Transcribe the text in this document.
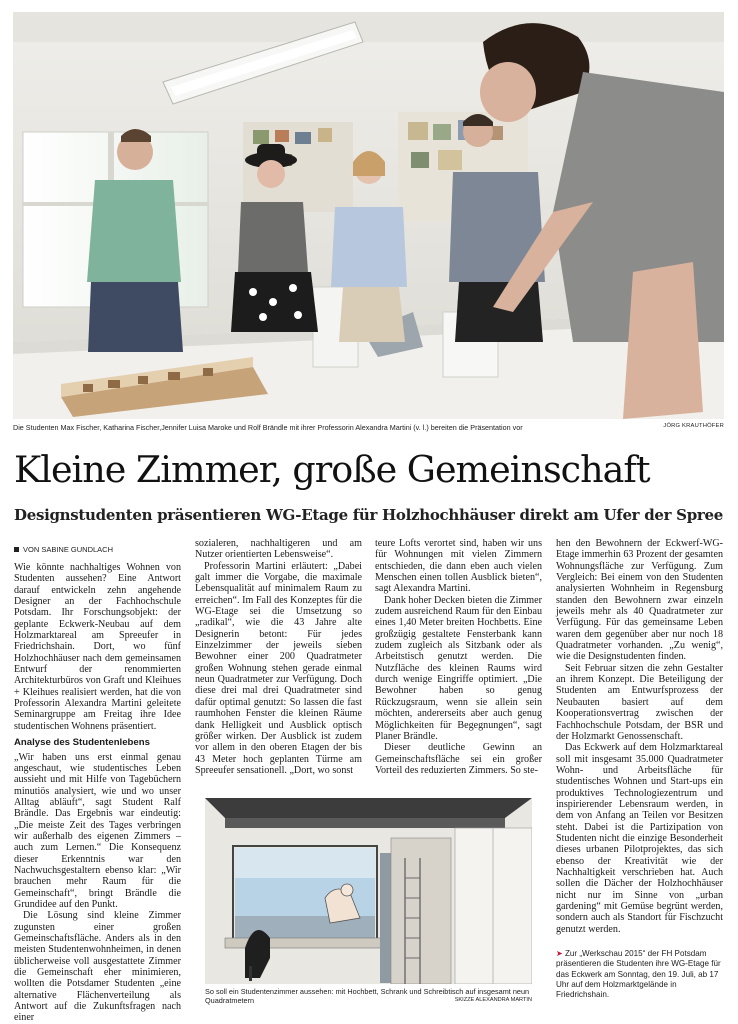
Die Studenten Max Fischer, Katharina Fischer,Jennifer Luisa Maroke und Rolf Brändle mit ihrer Professorin Alexandra Martini (v. l.) bereiten die Präsentation vor	JÖRG KRAUTHÖFER
Kleine Zimmer, große Gemeinschaft
Designstudenten präsentieren WG-Etage für Holzhochhäuser direkt am Ufer der Spree
VON SABINE GUNDLACH

Wie könnte nachhaltiges Wohnen von Studenten aussehen? Eine Antwort darauf entwickeln zehn angehende Designer an der Fachhochschule Potsdam. Ihr Forschungsobjekt: der geplante Eckwerk-Neubau auf dem Holzmarktareal am Spreeufer in Friedrichshain. Dort, wo fünf Holzhochhäuser nach dem gemeinsamen Entwurf der renommierten Architekturbüros von Graft und Kleihues + Kleihues realisiert werden, hat die von Professorin Alexandra Martini geleitete Seminargruppe am Freitag ihre Idee studentischen Wohnens präsentiert.

Analyse des Studentenlebens

„Wir haben uns erst einmal genau angeschaut, wie studentisches Leben aussieht und mit Hilfe von Tagebüchern minutiös analysiert, wie und wo unser Alltag abläuft“, sagt Student Ralf Brändle. Das Ergebnis war eindeutig: „Die meiste Zeit des Tages verbringen wir außerhalb des eigenen Zimmers – auch zum Lernen.“ Die Konsequenz dieser Erkenntnis war den Nachwuchsgestaltern ebenso klar: „Wir brauchen mehr Raum für die Gemeinschaft“, bringt Brändle die Grundidee auf den Punkt.

Die Lösung sind kleine Zimmer zugunsten einer großen Gemeinschaftsfläche. Anders als in den meisten Studentenwohnheimen, in denen üblicherweise voll ausgestattete Zimmer die Gemeinschaft eher minimieren, wollten die Potsdamer Studenten „eine alternative Flächenverteilung als Antwort auf die Zukunftsfragen nach einer

sozialeren, nachhaltigeren und am Nutzer orientierten Lebensweise“.

Professorin Martini erläutert: „Dabei galt immer die Vorgabe, die maximale Lebensqualität auf minimalem Raum zu erreichen“. Im Fall des Konzeptes für die WG-Etage sei die Umsetzung so „radikal“, wie die 43 Jahre alte Designerin betont: Für jedes Einzelzimmer der jeweils sieben Bewohner einer 200 Quadratmeter großen Wohnung stehen gerade einmal neun Quadratmeter zur Verfügung. Doch diese drei mal drei Quadratmeter sind dafür optimal genutzt: So lassen die fast raumhohen Fenster die kleinen Räume dank Helligkeit und Ausblick optisch größer wirken. Der Ausblick ist zudem vor allem in den oberen Etagen der bis 43 Meter hoch geplanten Türme am Spreeufer sensationell. „Dort, wo sonst

teure Lofts verortet sind, haben wir uns für Wohnungen mit vielen Zimmern entschieden, die dann eben auch vielen Menschen einen tollen Ausblick bieten“, sagt Alexandra Martini.

Dank hoher Decken bieten die Zimmer zudem ausreichend Raum für den Einbau eines 1,40 Meter breiten Hochbetts. Eine großzügig gestaltete Fensterbank kann zudem zugleich als Sitzbank oder als Arbeitstisch genutzt werden. Die Nutzfläche des kleinen Raums wird durch wenige Eingriffe optimiert. „Die Bewohner haben so genug Rückzugsraum, wenn sie allein sein möchten, andererseits aber auch genug Möglichkeiten für Begegnungen“, sagt Planer Brändle.

Dieser deutliche Gewinn an Gemeinschaftsfläche sei ein großer Vorteil des reduzierten Zimmers. So ste-

hen den Bewohnern der Eckwerf-WG-Etage immerhin 63 Prozent der gesamten Wohnungsfläche zur Verfügung. Zum Vergleich: Bei einem von den Studenten analysierten Wohnheim in Regensburg standen den Bewohnern zwar einzeln jeweils mehr als 40 Quadratmeter zur Verfügung. Für das gemeinsame Leben waren dem gegenüber aber nur noch 18 Quadratmeter vorhanden. „Zu wenig“, wie die Designstudenten finden.

Seit Februar sitzen die zehn Gestalter an ihrem Konzept. Die Beteiligung der Studenten am Entwurfsprozess der Neubauten basiert auf dem Kooperationsvertrag zwischen der Fachhochschule Potsdam, der BSR und der Holzmarkt Genossenschaft.

Das Eckwerk auf dem Holzmarktareal soll mit insgesamt 35.000 Quadratmeter Wohn- und Arbeitsfläche für studentisches Wohnen und Start-ups ein produktives Technologiezentrum und inspirierender Lebensraum werden, in dem von Anfang an Teilen vor Besitzen steht. Dabei ist die Partizipation von Studenten nicht die einzige Besonderheit dieses urbanen Pilotprojektes, das sich ebenso der Kreativität wie der Nachhaltigkeit verschrieben hat. Auch sollen die Dächer der Holzhochhäuser nicht nur im Sinne von „urban gardening“ mit Gemüse begrünt werden, sondern auch als Standort für Fischzucht genutzt werden.

So soll ein Studentenzimmer aussehen: mit Hochbett, Schrank und Schreibtisch auf insgesamt neun Quadratmetern	SKIZZE ALEXANDRA MARTIN
➤ Zur „Werkschau 2015“ der FH Potsdam präsentieren die Studenten ihre WG-Etage für das Eckwerk am Sonntag, den 19. Juli, ab 17 Uhr auf dem Holzmarktgelände in Friedrichshain.
